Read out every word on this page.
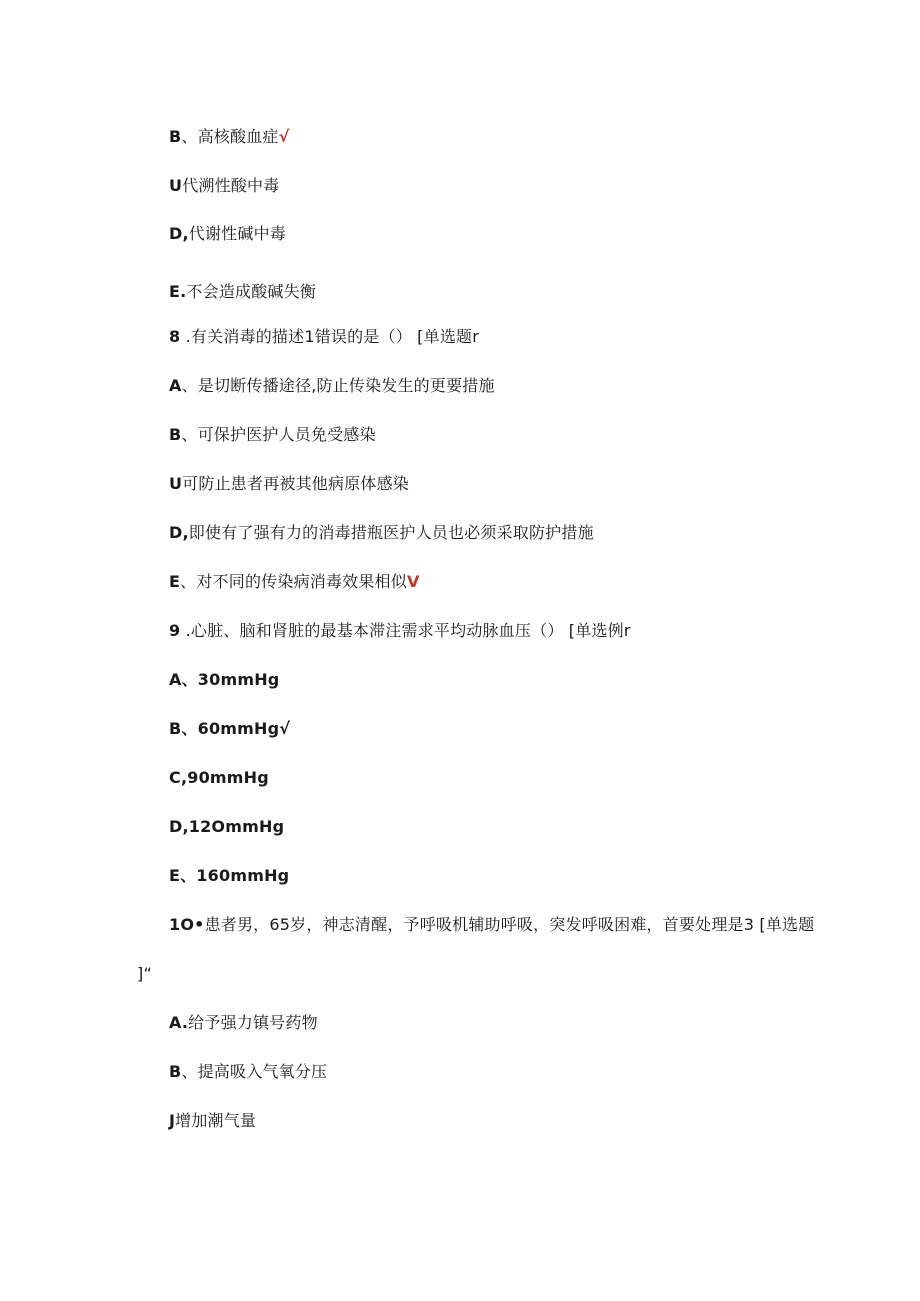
B、高核酸血症√
U代溯性酸中毒
D,代谢性碱中毒
E.不会造成酸碱失衡
8 .有关消毒的描述1错误的是（） [单选题r
A、是切断传播途径,防止传染发生的更要措施
B、可保护医护人员免受感染
U可防止患者再被其他病原体感染
D,即使有了强有力的消毒措瓶医护人员也必须采取防护措施
E、对不同的传染病消毒效果相似V
9 .心脏、脑和肾脏的最基本滞注需求平均动脉血压（） [单选例r
A、30mmHg
B、60mmHg√
C,90mmHg
D,12OmmHg
E、160mmHg
1O•患者男，65岁，神志清醒，予呼吸机辅助呼吸，突发呼吸困难，首要处理是3 [单选题
]“
A.给予强力镇号药物
B、提高吸入气氧分压
J增加潮气量
